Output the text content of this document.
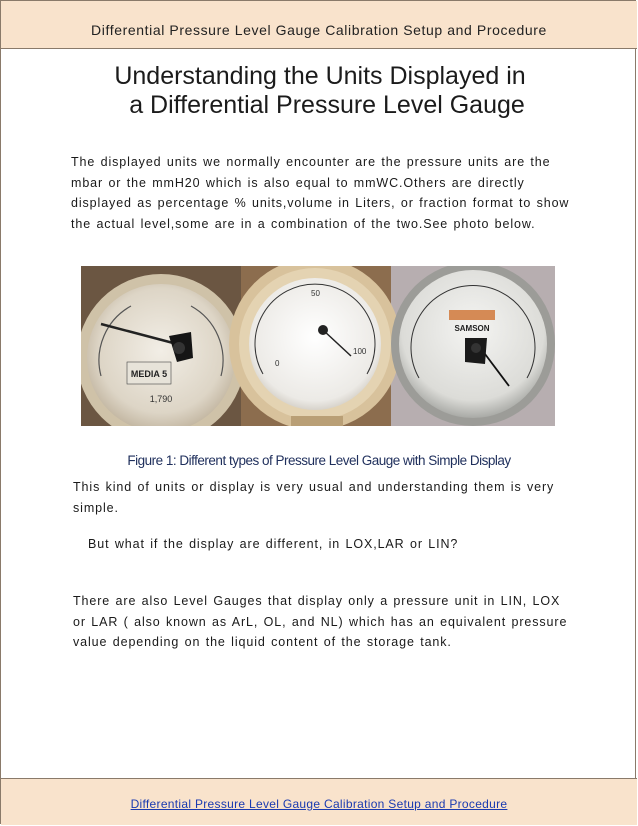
Differential Pressure Level Gauge Calibration Setup and Procedure
Understanding the Units Displayed in
a Differential Pressure Level Gauge

The displayed units we normally encounter are the pressure units are the mbar or the mmH20 which is also equal to mmWC.Others are directly displayed as percentage % units,volume in Liters, or fraction format to show the actual level,some are in a combination of the two.See photo below.

MEDIA 5
1,790
0
100
50
SAMSON
Figure 1: Different types of Pressure Level Gauge with Simple Display

This kind of units or display is very usual and understanding them is very simple.

But what if the display are different, in LOX,LAR or LIN?

There are also Level Gauges that display only a pressure unit in LIN, LOX or LAR ( also known as ArL, OL, and NL) which has an equivalent pressure value depending on the liquid content of the storage tank.

Differential Pressure Level Gauge Calibration Setup and Procedure
